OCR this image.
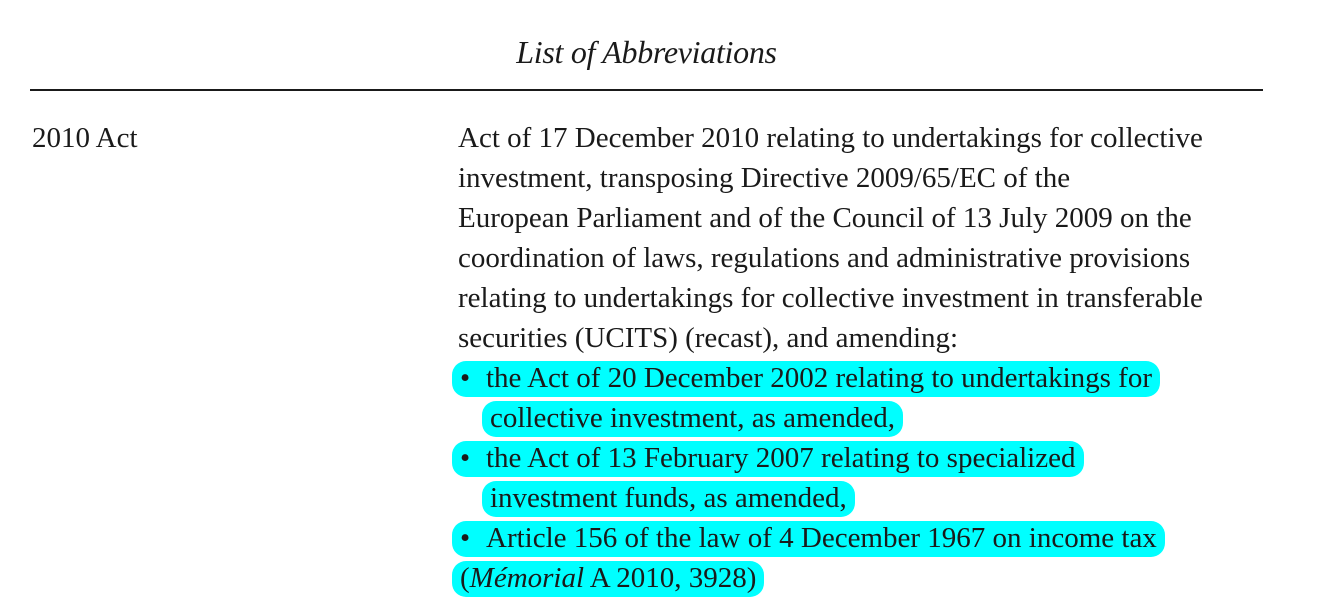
List of Abbreviations
2010 Act	Act of 17 December 2010 relating to undertakings for collective
investment, transposing Directive 2009/65/EC of the
European Parliament and of the Council of 13 July 2009 on the
coordination of laws, regulations and administrative provisions
relating to undertakings for collective investment in transferable
securities (UCITS) (recast), and amending:
• the Act of 20 December 2002 relating to undertakings for
collective investment, as amended,
• the Act of 13 February 2007 relating to specialized
investment funds, as amended,
• Article 156 of the law of 4 December 1967 on income tax
(Mémorial A 2010, 3928)
